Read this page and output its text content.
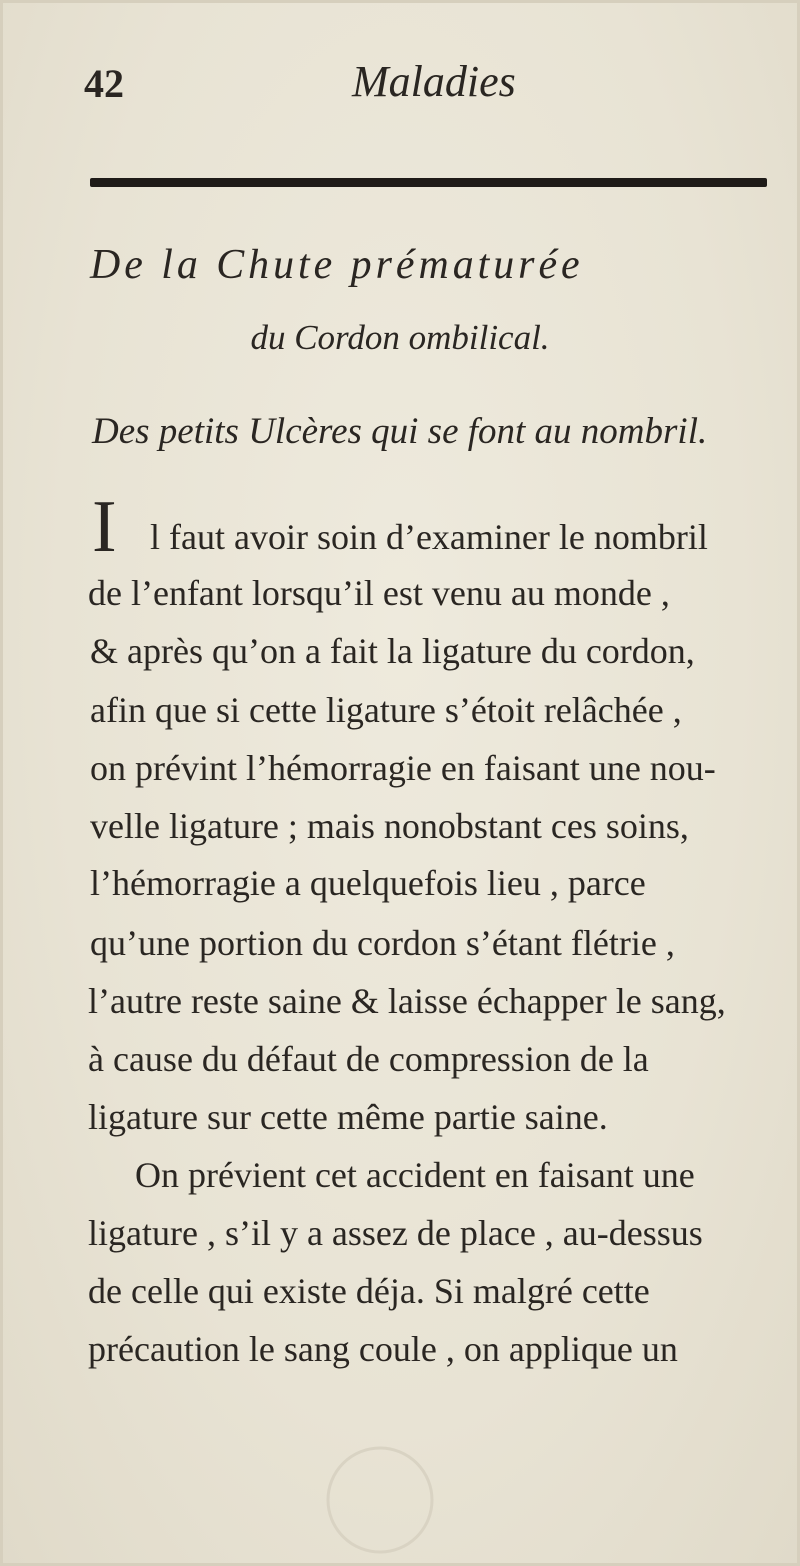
42	Maladies
De la Chute prématurée
du Cordon ombilical.
Des petits Ulcères qui se font au nombril.
I l faut avoir soin d’examiner le nombril
de l’enfant lorsqu’il est venu au monde ,
& après qu’on a fait la ligature du cordon,
afin que si cette ligature s’étoit relâchée ,
on prévint l’hémorragie en faisant une nou-
velle ligature ; mais nonobstant ces soins,
l’hémorragie a quelquefois lieu , parce
qu’une portion du cordon s’étant flétrie ,
l’autre reste saine & laisse échapper le sang,
à cause du défaut de compression de la
ligature sur cette même partie saine.
On prévient cet accident en faisant une
ligature , s’il y a assez de place , au-dessus
de celle qui existe déja. Si malgré cette
précaution le sang coule , on applique un
